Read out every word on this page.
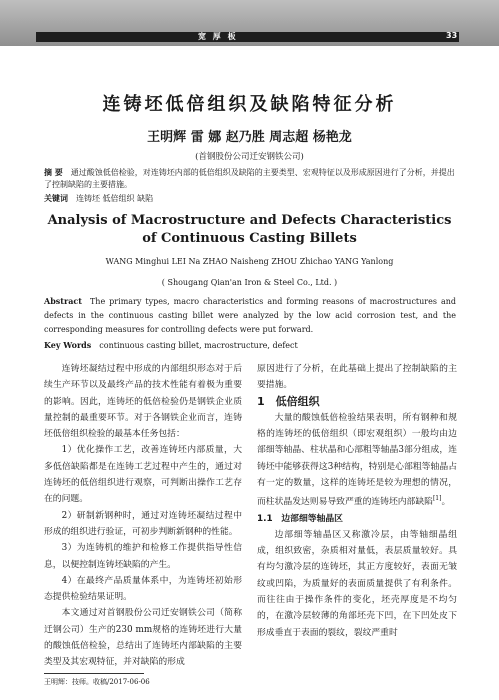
宽 厚 板	33
连铸坯低倍组织及缺陷特征分析
王明辉 雷 娜 赵乃胜 周志超 杨艳龙
(首钢股份公司迁安钢铁公司)
摘 要 通过酸蚀低倍检验，对连铸坯内部的低倍组织及缺陷的主要类型、宏观特征以及形成原因进行了分析，并提出了控制缺陷的主要措施。
关键词 连铸坯 低倍组织 缺陷
Analysis of Macrostructure and Defects Characteristics
of Continuous Casting Billets
WANG Minghui LEI Na ZHAO Naisheng ZHOU Zhichao YANG Yanlong
( Shougang Qian'an Iron & Steel Co., Ltd. )
Abstract The primary types, macro characteristics and forming reasons of macrostructures and defects in the continuous casting billet were analyzed by the low acid corrosion test, and the corresponding measures for controlling defects were put forward.
Key Words continuous casting billet, macrostructure, defect

连铸坯凝结过程中形成的内部组织形态对于后续生产环节以及最终产品的技术性能有着极为重要的影响。因此，连铸坯的低倍检验仍是钢铁企业质量控制的最重要环节。对于各钢铁企业而言，连铸坯低倍组织检验的最基本任务包括：

1）优化操作工艺，改善连铸坯内部质量，大多低倍缺陷都是在连铸工艺过程中产生的，通过对连铸坯的低倍组织进行观察，可判断出操作工艺存在的问题。

2）研制新钢种时，通过对连铸坯凝结过程中形成的组织进行验证，可初步判断新钢种的性能。

3）为连铸机的维护和检修工作提供指导性信息，以便控制连铸坯缺陷的产生。

4）在最终产品质量体系中，为连铸坯初始形态提供检验结果证明。

本文通过对首钢股份公司迁安钢铁公司（简称迁钢公司）生产的230 mm规格的连铸坯进行大量的酸蚀低倍检验，总结出了连铸坯内部缺陷的主要类型及其宏观特征，并对缺陷的形成

原因进行了分析，在此基础上提出了控制缺陷的主要措施。

1　低倍组织

大量的酸蚀低倍检验结果表明，所有钢种和规格的连铸坯的低倍组织（即宏观组织）一般均由边部细等轴晶、柱状晶和心部粗等轴晶3部分组成，连铸坯中能够获得这3种结构，特别是心部粗等轴晶占有一定的数量，这样的连铸坯是较为理想的情况，而柱状晶发达则易导致严重的连铸坯内部缺陷[1]。

1.1　边部细等轴晶区

边部细等轴晶区又称激冷层，由等轴细晶组成，组织致密，杂质相对量低，表层质量较好。具有均匀激冷层的连铸坯，其正方度较好，表面无皱纹或凹陷，为质量好的表面质量提供了有利条件。而往往由于操作条件的变化，坯壳厚度是不均匀的，在激冷层较薄的角部坯壳下凹，在下凹处皮下形成垂直于表面的裂纹，裂纹严重时

王明辉：技师。收稿/2017-06-06
